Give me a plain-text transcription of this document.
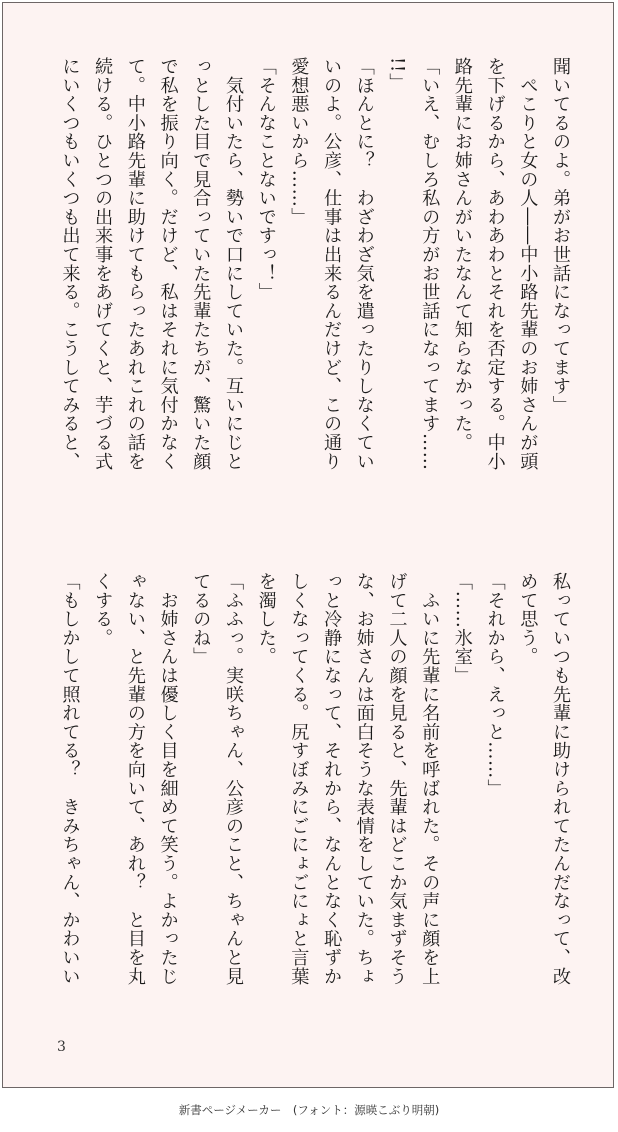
聞いてるのよ。弟がお世話になってます」
　ぺこりと女の人――中小路先輩のお姉さんが頭
を下げるから、あわあわとそれを否定する。中小
路先輩にお姉さんがいたなんて知らなかった。
「いえ、むしろ私の方がお世話になってます……
!!」
「ほんとに？　わざわざ気を遣ったりしなくてい
いのよ。公彦、仕事は出来るんだけど、この通り
愛想悪いから……」
「そんなことないですっ！」
　気付いたら、勢いで口にしていた。互いにじと
っとした目で見合っていた先輩たちが、驚いた顔
で私を振り向く。だけど、私はそれに気付かなく
て。中小路先輩に助けてもらったあれこれの話を
続ける。ひとつの出来事をあげてくと、芋づる式
にいくつもいくつも出て来る。こうしてみると、
私っていつも先輩に助けられてたんだなって、改
めて思う。
「それから、えっと……」
「……氷室」
　ふいに先輩に名前を呼ばれた。その声に顔を上
げて二人の顔を見ると、先輩はどこか気まずそう
な、お姉さんは面白そうな表情をしていた。ちょ
っと冷静になって、それから、なんとなく恥ずか
しくなってくる。尻すぼみにごにょごにょと言葉
を濁した。
「ふふっ。実咲ちゃん、公彦のこと、ちゃんと見
てるのね」
　お姉さんは優しく目を細めて笑う。よかったじ
ゃない、と先輩の方を向いて、あれ？　と目を丸
くする。
「もしかして照れてる？　きみちゃん、かわいい
3
新書ページメーカー　(フォント：源暎こぶり明朝)
